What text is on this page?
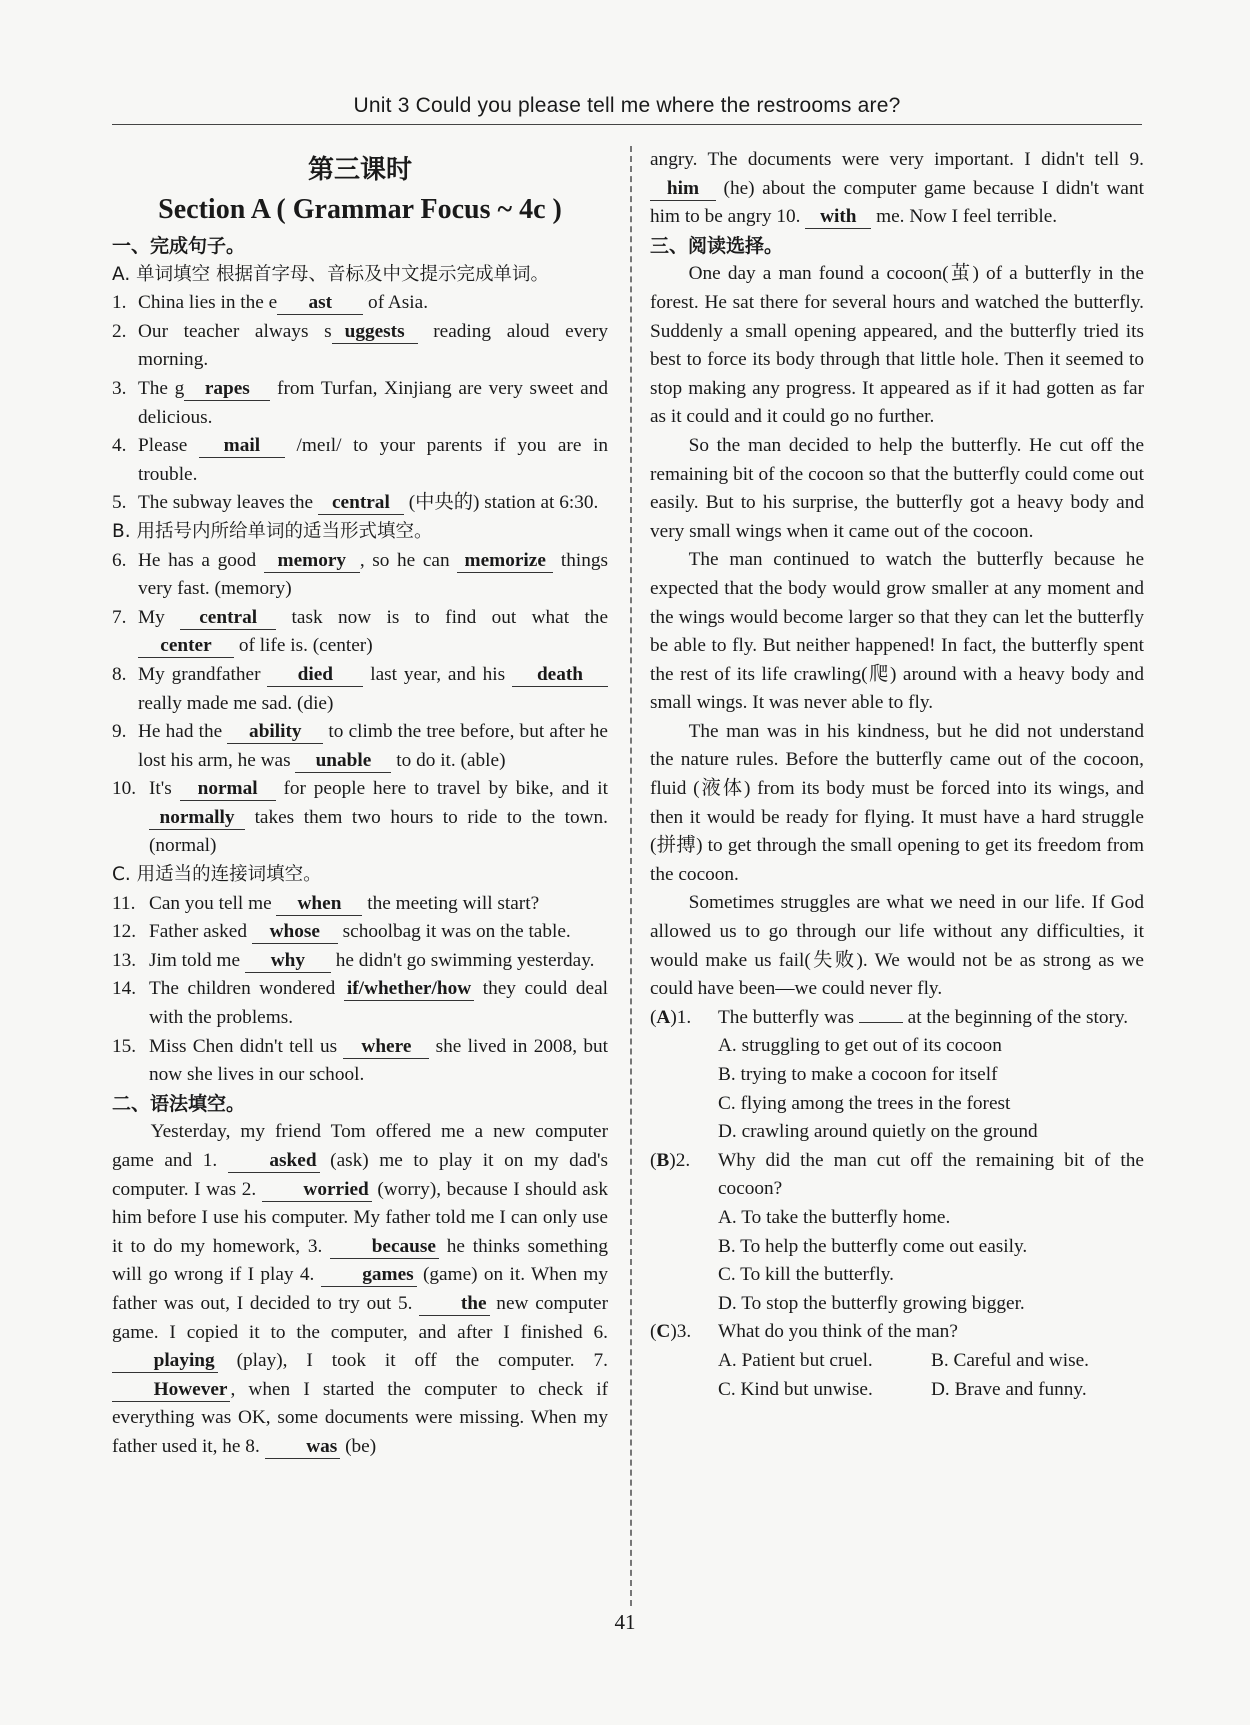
Unit 3 Could you please tell me where the restrooms are?
第三课时
Section A ( Grammar Focus ~ 4c )
一、完成句子。
A. 单词填空 根据首字母、音标及中文提示完成单词。
1. China lies in the e ast of Asia.
2. Our teacher always s uggests reading aloud every morning.
3. The g rapes from Turfan, Xinjiang are very sweet and delicious.
4. Please mail /meɪl/ to your parents if you are in trouble.
5. The subway leaves the central (中央的) station at 6:30.
B. 用括号内所给单词的适当形式填空。
6. He has a good memory , so he can memorize things very fast. (memory)
7. My central task now is to find out what the center of life is. (center)
8. My grandfather died last year, and his death really made me sad. (die)
9. He had the ability to climb the tree before, but after he lost his arm, he was unable to do it. (able)
10. It's normal for people here to travel by bike, and it normally takes them two hours to ride to the town. (normal)
C. 用适当的连接词填空。
11. Can you tell me when the meeting will start?
12. Father asked whose schoolbag it was on the table.
13. Jim told me why he didn't go swimming yesterday.
14. The children wondered if/whether/how they could deal with the problems.
15. Miss Chen didn't tell us where she lived in 2008, but now she lives in our school.
二、语法填空。

Yesterday, my friend Tom offered me a new computer game and 1. asked (ask) me to play it on my dad's computer. I was 2. worried (worry), because I should ask him before I use his computer. My father told me I can only use it to do my homework, 3. because he thinks something will go wrong if I play 4. games (game) on it. When my father was out, I decided to try out 5. the new computer game. I copied it to the computer, and after I finished 6. playing (play), I took it off the computer. 7. However , when I started the computer to check if everything was OK, some documents were missing. When my father used it, he 8. was (be)

angry. The documents were very important. I didn't tell 9. him (he) about the computer game because I didn't want him to be angry 10. with me. Now I feel terrible.

三、阅读选择。

One day a man found a cocoon(茧) of a butterfly in the forest. He sat there for several hours and watched the butterfly. Suddenly a small opening appeared, and the butterfly tried its best to force its body through that little hole. Then it seemed to stop making any progress. It appeared as if it had gotten as far as it could and it could go no further.

So the man decided to help the butterfly. He cut off the remaining bit of the cocoon so that the butterfly could come out easily. But to his surprise, the butterfly got a heavy body and very small wings when it came out of the cocoon.

The man continued to watch the butterfly because he expected that the body would grow smaller at any moment and the wings would become larger so that they can let the butterfly be able to fly. But neither happened! In fact, the butterfly spent the rest of its life crawling(爬) around with a heavy body and small wings. It was never able to fly.

The man was in his kindness, but he did not understand the nature rules. Before the butterfly came out of the cocoon, fluid (液体) from its body must be forced into its wings, and then it would be ready for flying. It must have a hard struggle (拼搏) to get through the small opening to get its freedom from the cocoon.

Sometimes struggles are what we need in our life. If God allowed us to go through our life without any difficulties, it would make us fail(失败). We would not be as strong as we could have been—we could never fly.

(A)1.	The butterfly was  at the beginning of the story.
A. struggling to get out of its cocoon
B. trying to make a cocoon for itself
C. flying among the trees in the forest
D. crawling around quietly on the ground
(B)2.	Why did the man cut off the remaining bit of the cocoon?
A. To take the butterfly home.
B. To help the butterfly come out easily.
C. To kill the butterfly.
D. To stop the butterfly growing bigger.
(C)3.	What do you think of the man?
A. Patient but cruel.	B. Careful and wise.
C. Kind but unwise.	D. Brave and funny.
41
